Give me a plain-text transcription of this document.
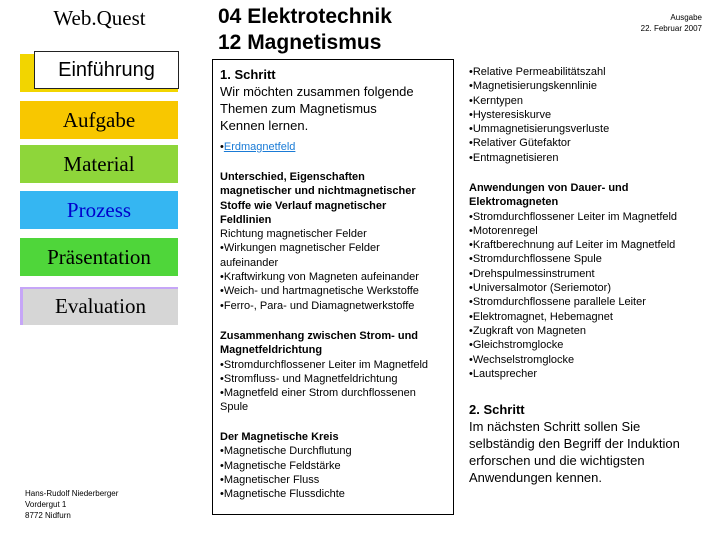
Web.Quest
Einführung
Aufgabe
Material
Prozess
Präsentation
Evaluation
Hans-Rudolf Niederberger
Vordergut 1
8772 Nidfurn
04 Elektrotechnik
12 Magnetismus
Ausgabe
22. Februar 2007
1. Schritt
Wir möchten zusammen folgende
Themen zum Magnetismus
Kennen lernen.
•Erdmagnetfeld
Unterschied, Eigenschaften
magnetischer und nichtmagnetischer
Stoffe wie Verlauf magnetischer
Feldlinien
Richtung magnetischer Felder
•Wirkungen magnetischer Felder
aufeinander
•Kraftwirkung von Magneten aufeinander
•Weich- und hartmagnetische Werkstoffe
•Ferro-, Para- und Diamagnetwerkstoffe
Zusammenhang zwischen Strom- und
Magnetfeldrichtung
•Stromdurchflossener Leiter im Magnetfeld
•Stromfluss- und Magnetfeldrichtung
•Magnetfeld einer Strom durchflossenen
Spule
Der Magnetische Kreis
•Magnetische Durchflutung
•Magnetische Feldstärke
•Magnetischer Fluss
•Magnetische Flussdichte
•Relative Permeabilitätszahl
•Magnetisierungskennlinie
•Kerntypen
•Hysteresiskurve
•Ummagnetisierungsverluste
•Relativer Gütefaktor
•Entmagnetisieren
Anwendungen von Dauer- und
Elektromagneten
•Stromdurchflossener Leiter im Magnetfeld
•Motorenregel
•Kraftberechnung auf Leiter im Magnetfeld
•Stromdurchflossene Spule
•Drehspulmessinstrument
•Universalmotor (Seriemotor)
•Stromdurchflossene parallele Leiter
•Elektromagnet, Hebemagnet
•Zugkraft von Magneten
•Gleichstromglocke
•Wechselstromglocke
•Lautsprecher
2. Schritt
Im nächsten Schritt sollen Sie
selbständig den Begriff der Induktion
erforschen und die wichtigsten
Anwendungen kennen.
